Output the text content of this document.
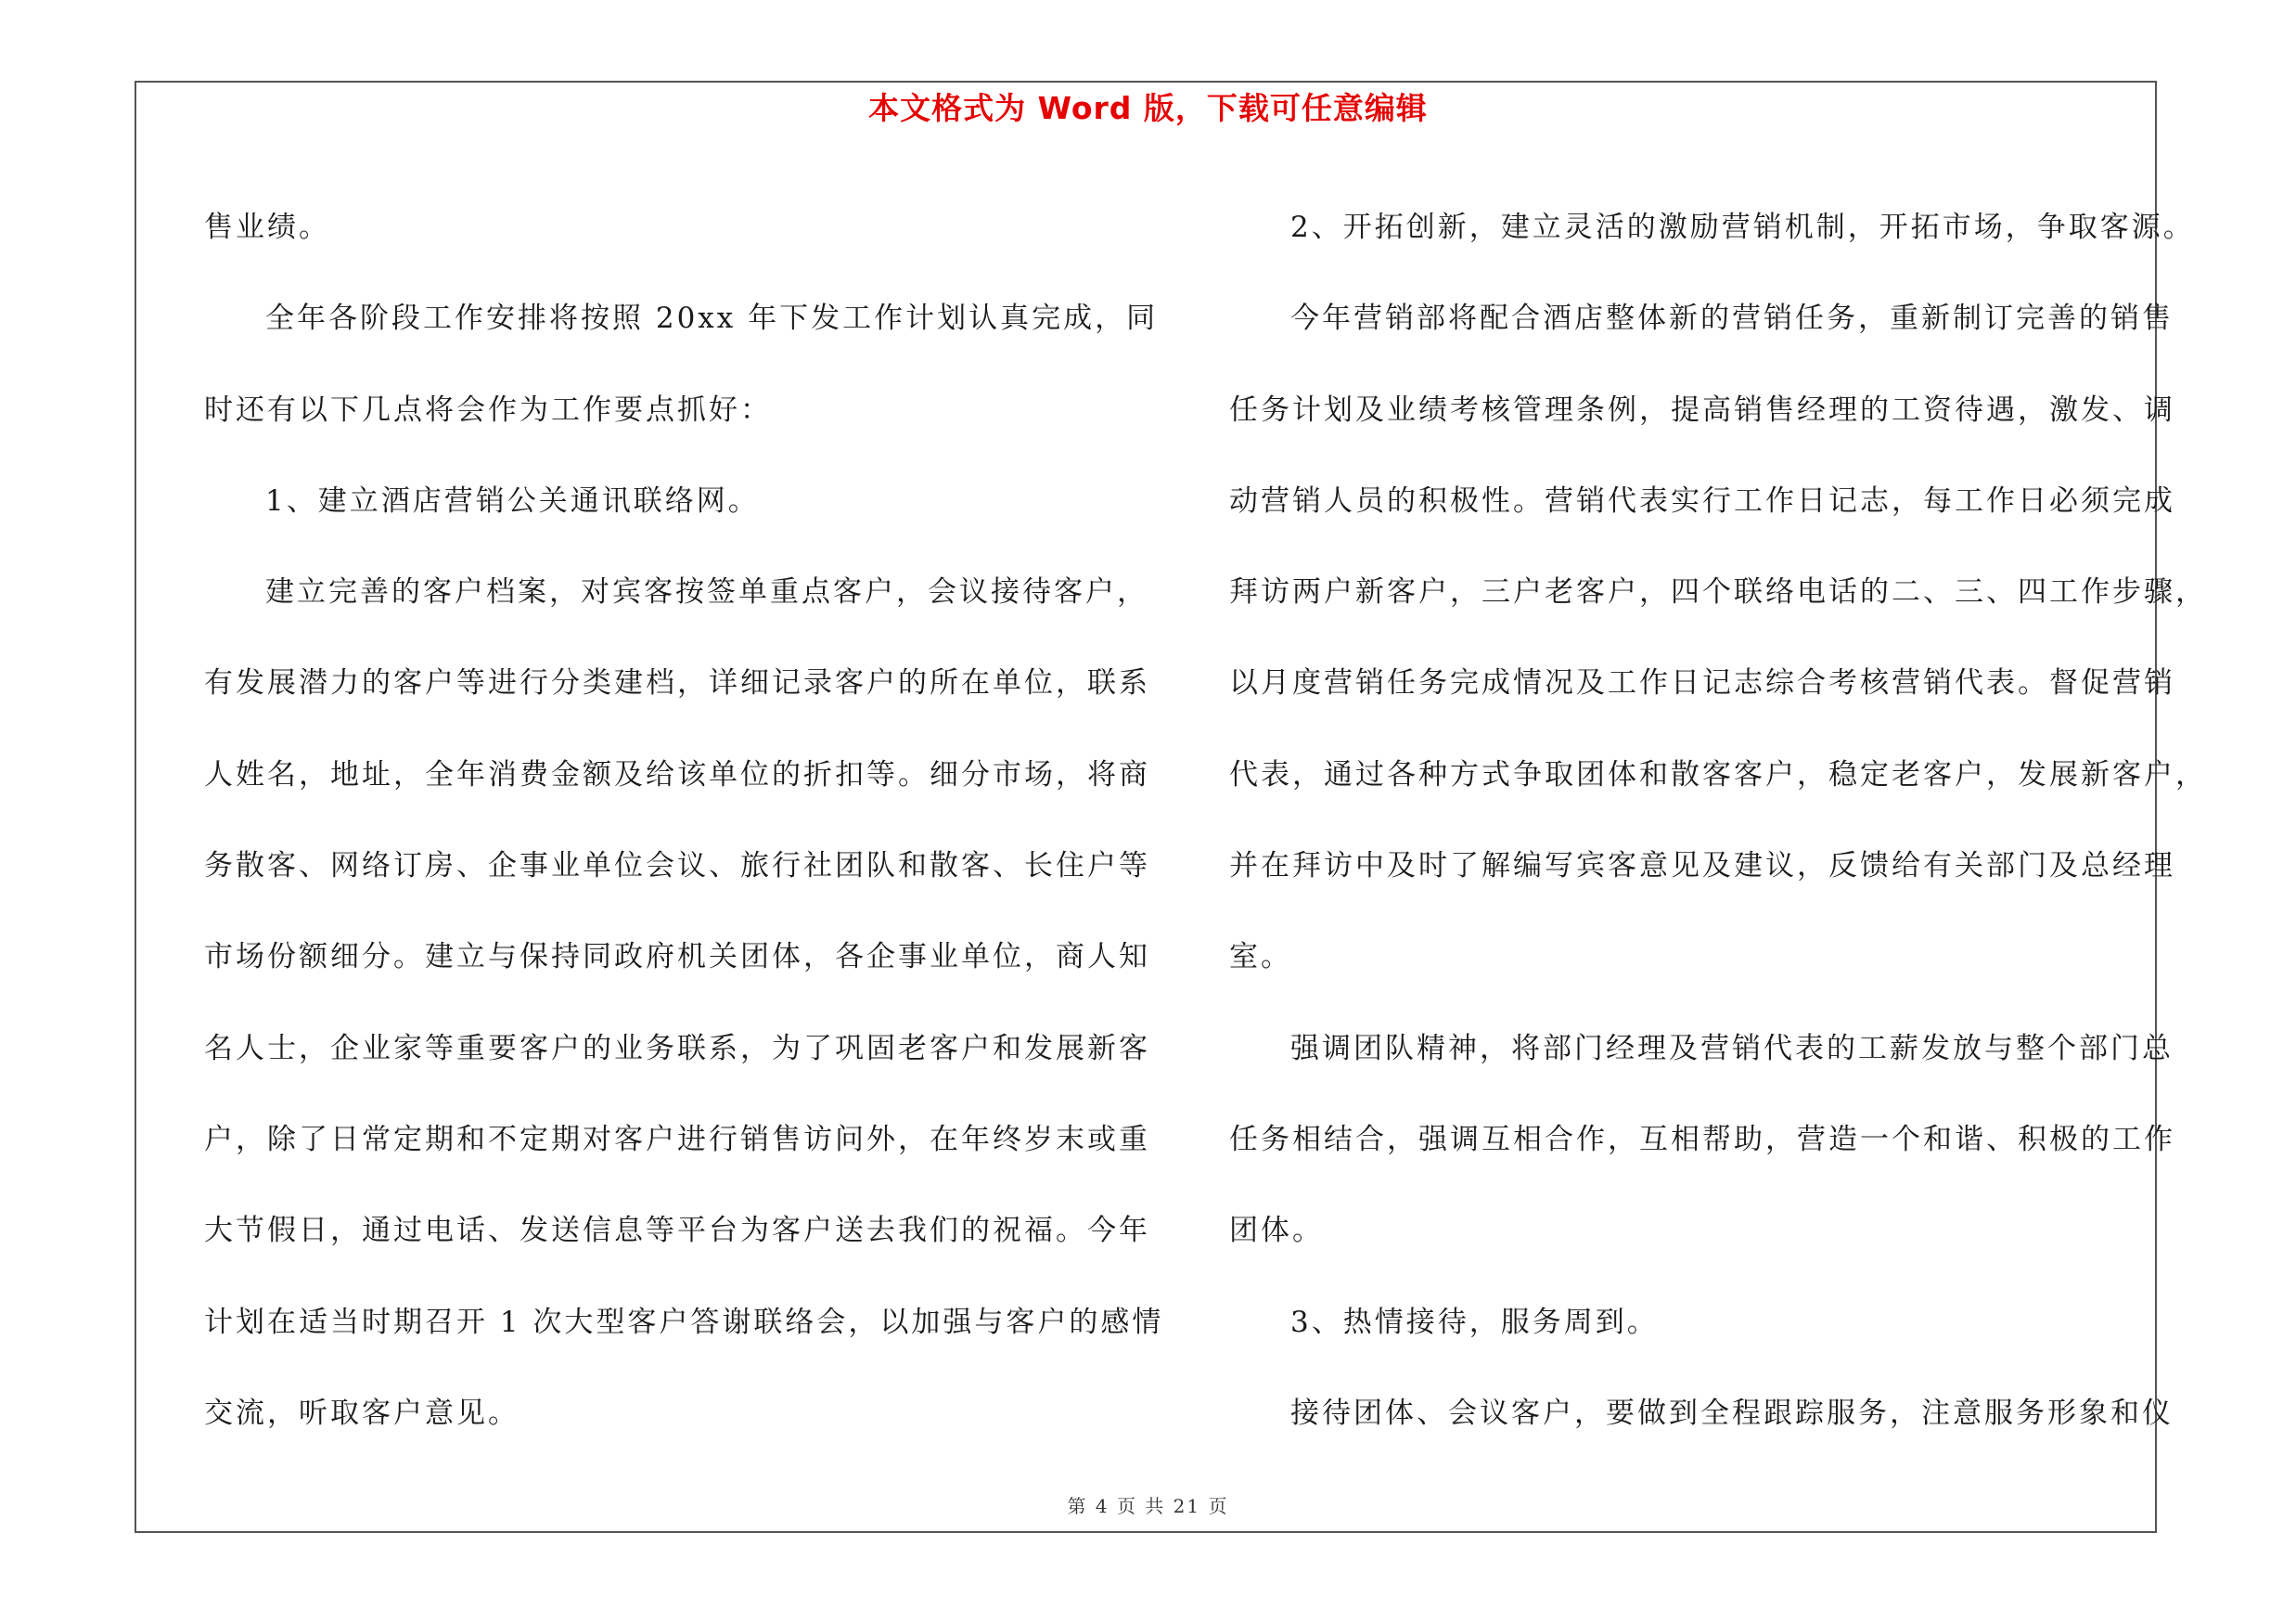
本文格式为 Word 版，下载可任意编辑
售业绩。
全年各阶段工作安排将按照 20xx 年下发工作计划认真完成，同
时还有以下几点将会作为工作要点抓好：
1、建立酒店营销公关通讯联络网。
建立完善的客户档案，对宾客按签单重点客户，会议接待客户，
有发展潜力的客户等进行分类建档，详细记录客户的所在单位，联系
人姓名，地址，全年消费金额及给该单位的折扣等。细分市场，将商
务散客、网络订房、企事业单位会议、旅行社团队和散客、长住户等
市场份额细分。建立与保持同政府机关团体，各企事业单位，商人知
名人士，企业家等重要客户的业务联系，为了巩固老客户和发展新客
户，除了日常定期和不定期对客户进行销售访问外，在年终岁末或重
大节假日，通过电话、发送信息等平台为客户送去我们的祝福。今年
计划在适当时期召开 1 次大型客户答谢联络会，以加强与客户的感情
交流，听取客户意见。
2、开拓创新，建立灵活的激励营销机制，开拓市场，争取客源。
今年营销部将配合酒店整体新的营销任务，重新制订完善的销售
任务计划及业绩考核管理条例，提高销售经理的工资待遇，激发、调
动营销人员的积极性。营销代表实行工作日记志，每工作日必须完成
拜访两户新客户，三户老客户，四个联络电话的二、三、四工作步骤，
以月度营销任务完成情况及工作日记志综合考核营销代表。督促营销
代表，通过各种方式争取团体和散客客户，稳定老客户，发展新客户，
并在拜访中及时了解编写宾客意见及建议，反馈给有关部门及总经理
室。
强调团队精神，将部门经理及营销代表的工薪发放与整个部门总
任务相结合，强调互相合作，互相帮助，营造一个和谐、积极的工作
团体。
3、热情接待，服务周到。
接待团体、会议客户，要做到全程跟踪服务，注意服务形象和仪
第 4 页 共 21 页
